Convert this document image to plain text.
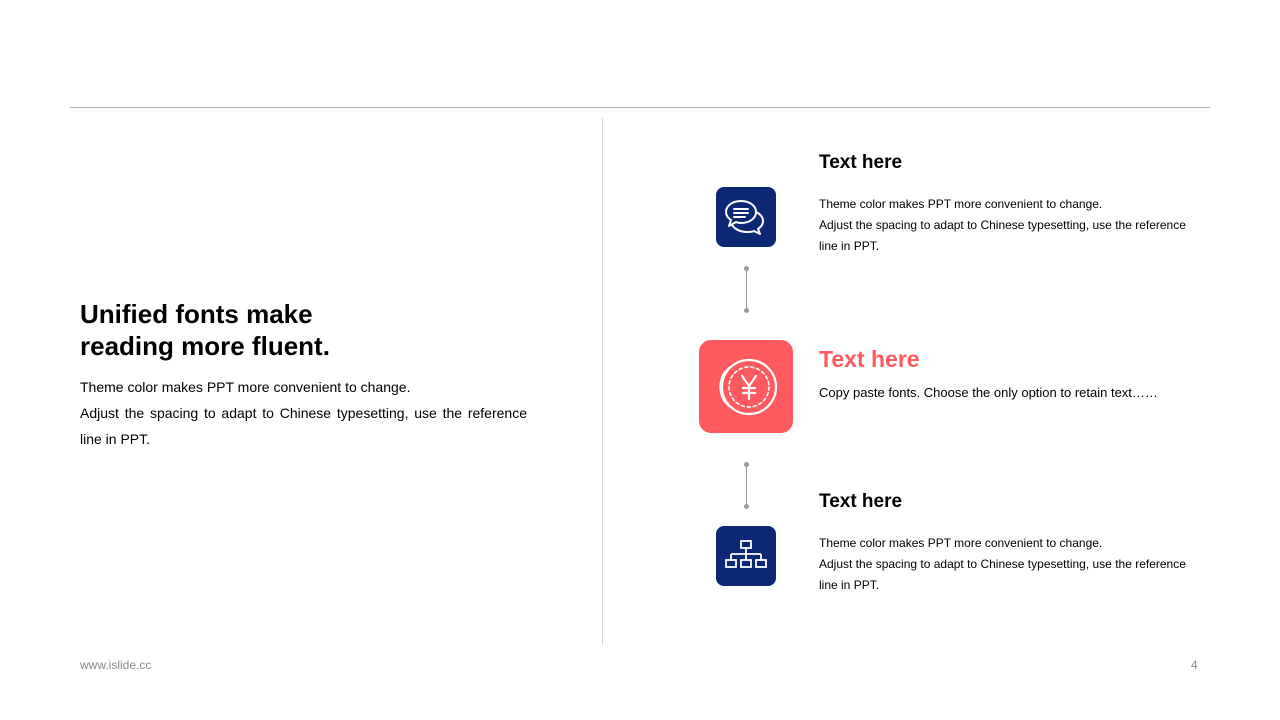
Unified fonts make
reading more fluent.

Theme color makes PPT more convenient to change.

Adjust the spacing to adapt to Chinese typesetting, use the reference line in PPT.

Text here

Theme color makes PPT more convenient to change.

Adjust the spacing to adapt to Chinese typesetting, use the reference line in PPT.

Text here

Copy paste fonts. Choose the only option to retain text……

Text here

Theme color makes PPT more convenient to change.

Adjust the spacing to adapt to Chinese typesetting, use the reference line in PPT.

www.islide.cc	4
